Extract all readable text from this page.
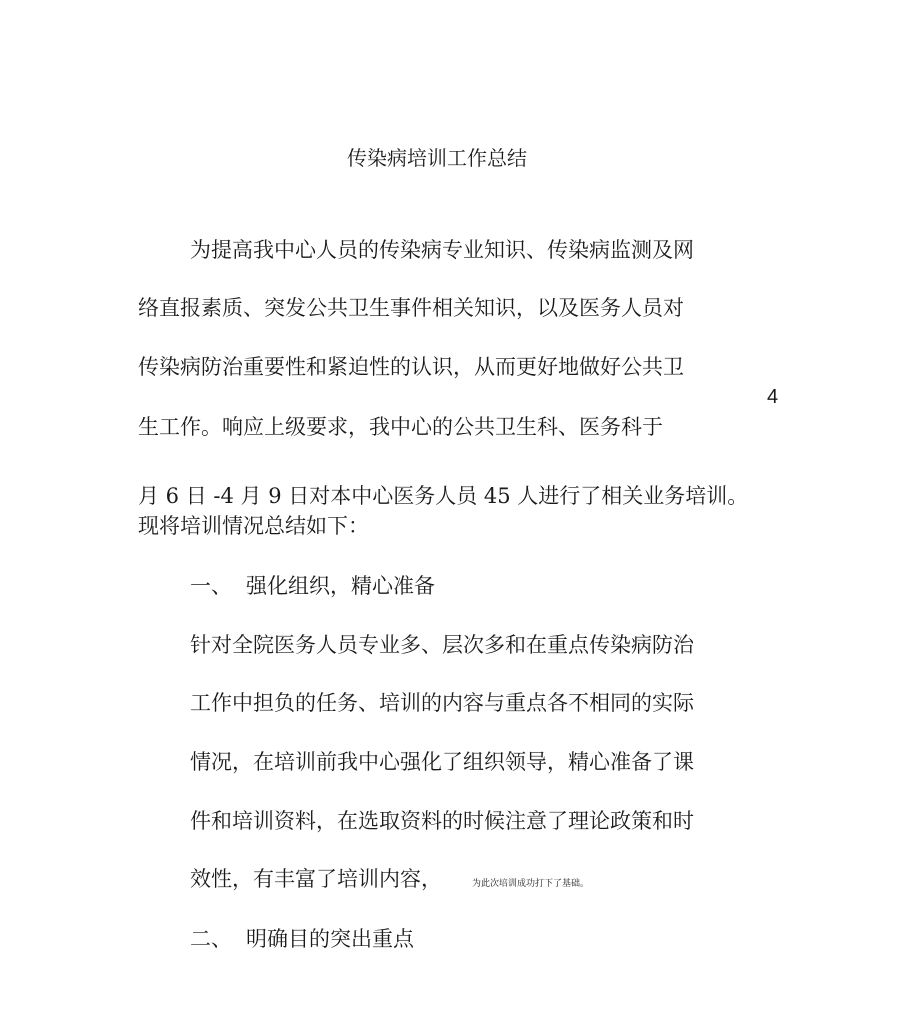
传染病培训工作总结
为提高我中心人员的传染病专业知识、传染病监测及网
络直报素质、突发公共卫生事件相关知识，以及医务人员对
传染病防治重要性和紧迫性的认识，从而更好地做好公共卫
生工作。响应上级要求，我中心的公共卫生科、医务科于
4
月 6 日 -4 月 9 日对本中心医务人员 45 人进行了相关业务培训。
现将培训情况总结如下：
一、 强化组织，精心准备
针对全院医务人员专业多、层次多和在重点传染病防治
工作中担负的任务、培训的内容与重点各不相同的实际
情况，在培训前我中心强化了组织领导，精心准备了课
件和培训资料，在选取资料的时候注意了理论政策和时
效性，有丰富了培训内容，	为此次培训成功打下了基础。
二、 明确目的突出重点
